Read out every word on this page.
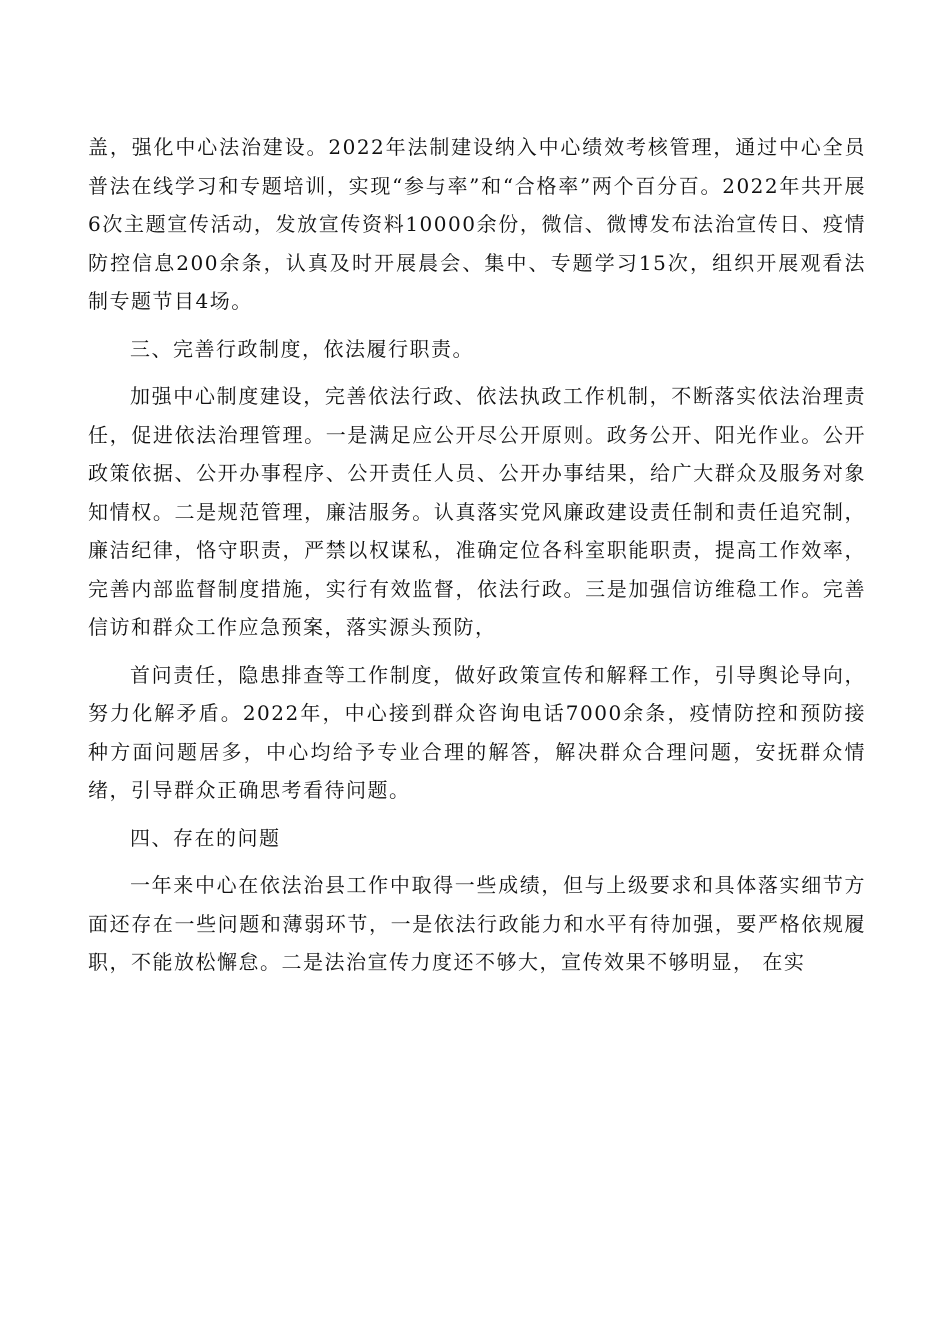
盖，强化中心法治建设。2022年法制建设纳入中心绩效考核管理，通过中心全员普法在线学习和专题培训，实现“参与率”和“合格率”两个百分百。2022年共开展6次主题宣传活动，发放宣传资料10000余份，微信、微博发布法治宣传日、疫情防控信息200余条，认真及时开展晨会、集中、专题学习15次，组织开展观看法制专题节目4场。

三、完善行政制度，依法履行职责。

加强中心制度建设，完善依法行政、依法执政工作机制，不断落实依法治理责任，促进依法治理管理。一是满足应公开尽公开原则。政务公开、阳光作业。公开政策依据、公开办事程序、公开责任人员、公开办事结果，给广大群众及服务对象知情权。二是规范管理，廉洁服务。认真落实党风廉政建设责任制和责任追究制，廉洁纪律，恪守职责，严禁以权谋私，准确定位各科室职能职责，提高工作效率，完善内部监督制度措施，实行有效监督，依法行政。三是加强信访维稳工作。完善信访和群众工作应急预案，落实源头预防，

首问责任，隐患排查等工作制度，做好政策宣传和解释工作，引导舆论导向，努力化解矛盾。2022年，中心接到群众咨询电话7000余条，疫情防控和预防接种方面问题居多，中心均给予专业合理的解答，解决群众合理问题，安抚群众情绪，引导群众正确思考看待问题。

四、存在的问题

一年来中心在依法治县工作中取得一些成绩，但与上级要求和具体落实细节方面还存在一些问题和薄弱环节，一是依法行政能力和水平有待加强，要严格依规履职，不能放松懈怠。二是法治宣传力度还不够大，宣传效果不够明显， 在实
